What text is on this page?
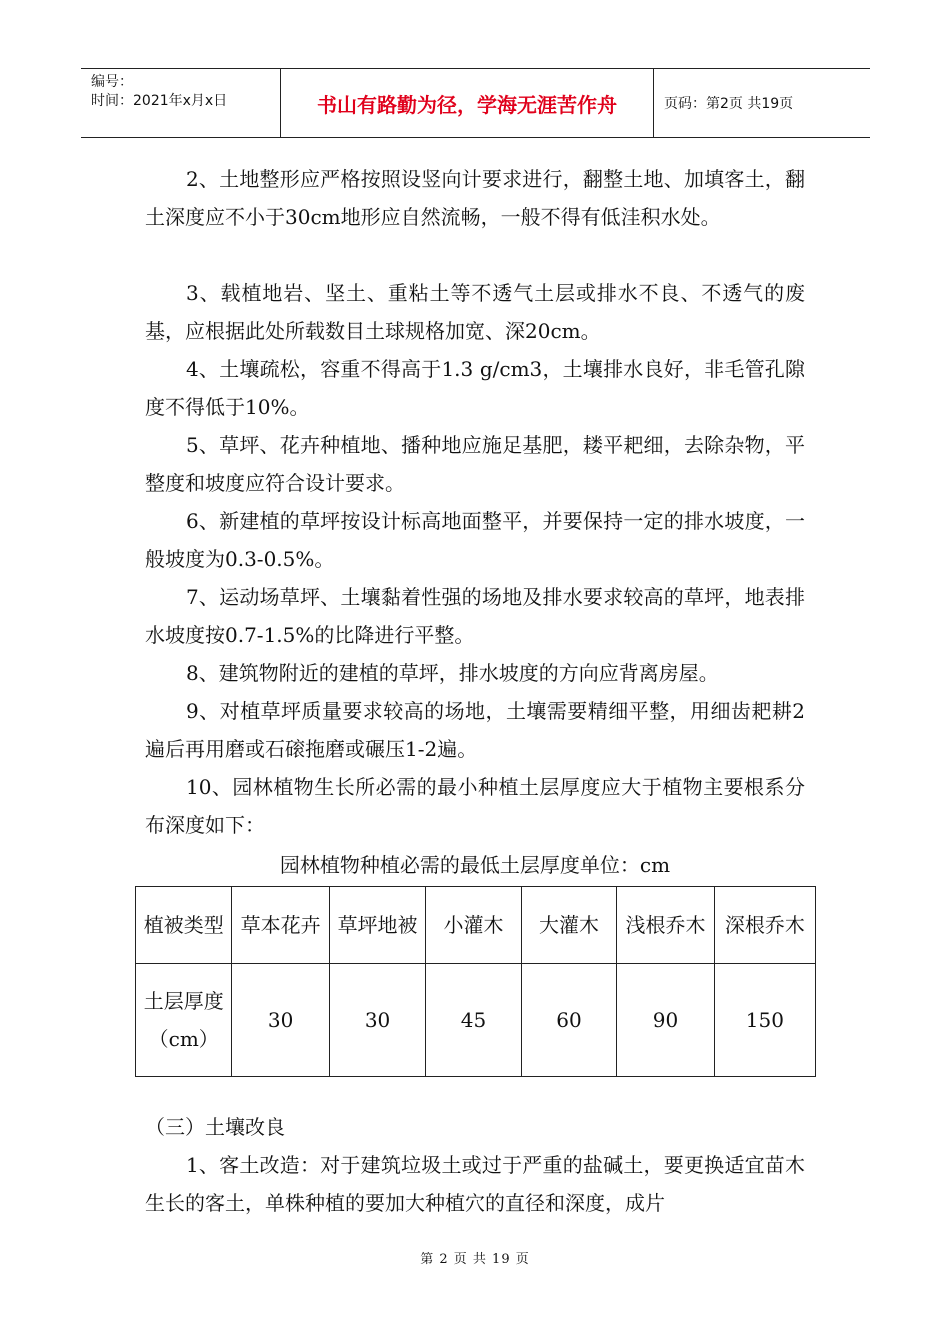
编号：
时间：2021年x月x日	书山有路勤为径，学海无涯苦作舟	页码：第2页 共19页

2、土地整形应严格按照设竖向计要求进行，翻整土地、加填客土，翻土深度应不小于30cm地形应自然流畅，一般不得有低洼积水处。

3、载植地岩、坚土、重粘土等不透气土层或排水不良、不透气的废基，应根据此处所载数目土球规格加宽、深20cm。

4、土壤疏松，容重不得高于1.3 g/cm3，土壤排水良好，非毛管孔隙度不得低于10%。

5、草坪、花卉种植地、播种地应施足基肥，耧平耙细，去除杂物，平整度和坡度应符合设计要求。

6、新建植的草坪按设计标高地面整平，并要保持一定的排水坡度，一般坡度为0.3-0.5%。

7、运动场草坪、土壤黏着性强的场地及排水要求较高的草坪，地表排水坡度按0.7-1.5%的比降进行平整。

8、建筑物附近的建植的草坪，排水坡度的方向应背离房屋。

9、对植草坪质量要求较高的场地，土壤需要精细平整，用细齿耙耕2遍后再用磨或石磙拖磨或碾压1-2遍。

10、园林植物生长所必需的最小种植土层厚度应大于植物主要根系分布深度如下：

园林植物种植必需的最低土层厚度单位：cm
植被类型	草本花卉	草坪地被	小灌木	大灌木	浅根乔木	深根乔木
土层厚度（cm）	30	30	45	60	90	150

（三）土壤改良

1、客土改造：对于建筑垃圾土或过于严重的盐碱土，要更换适宜苗木生长的客土，单株种植的要加大种植穴的直径和深度，成片

第 2 页 共 19 页
